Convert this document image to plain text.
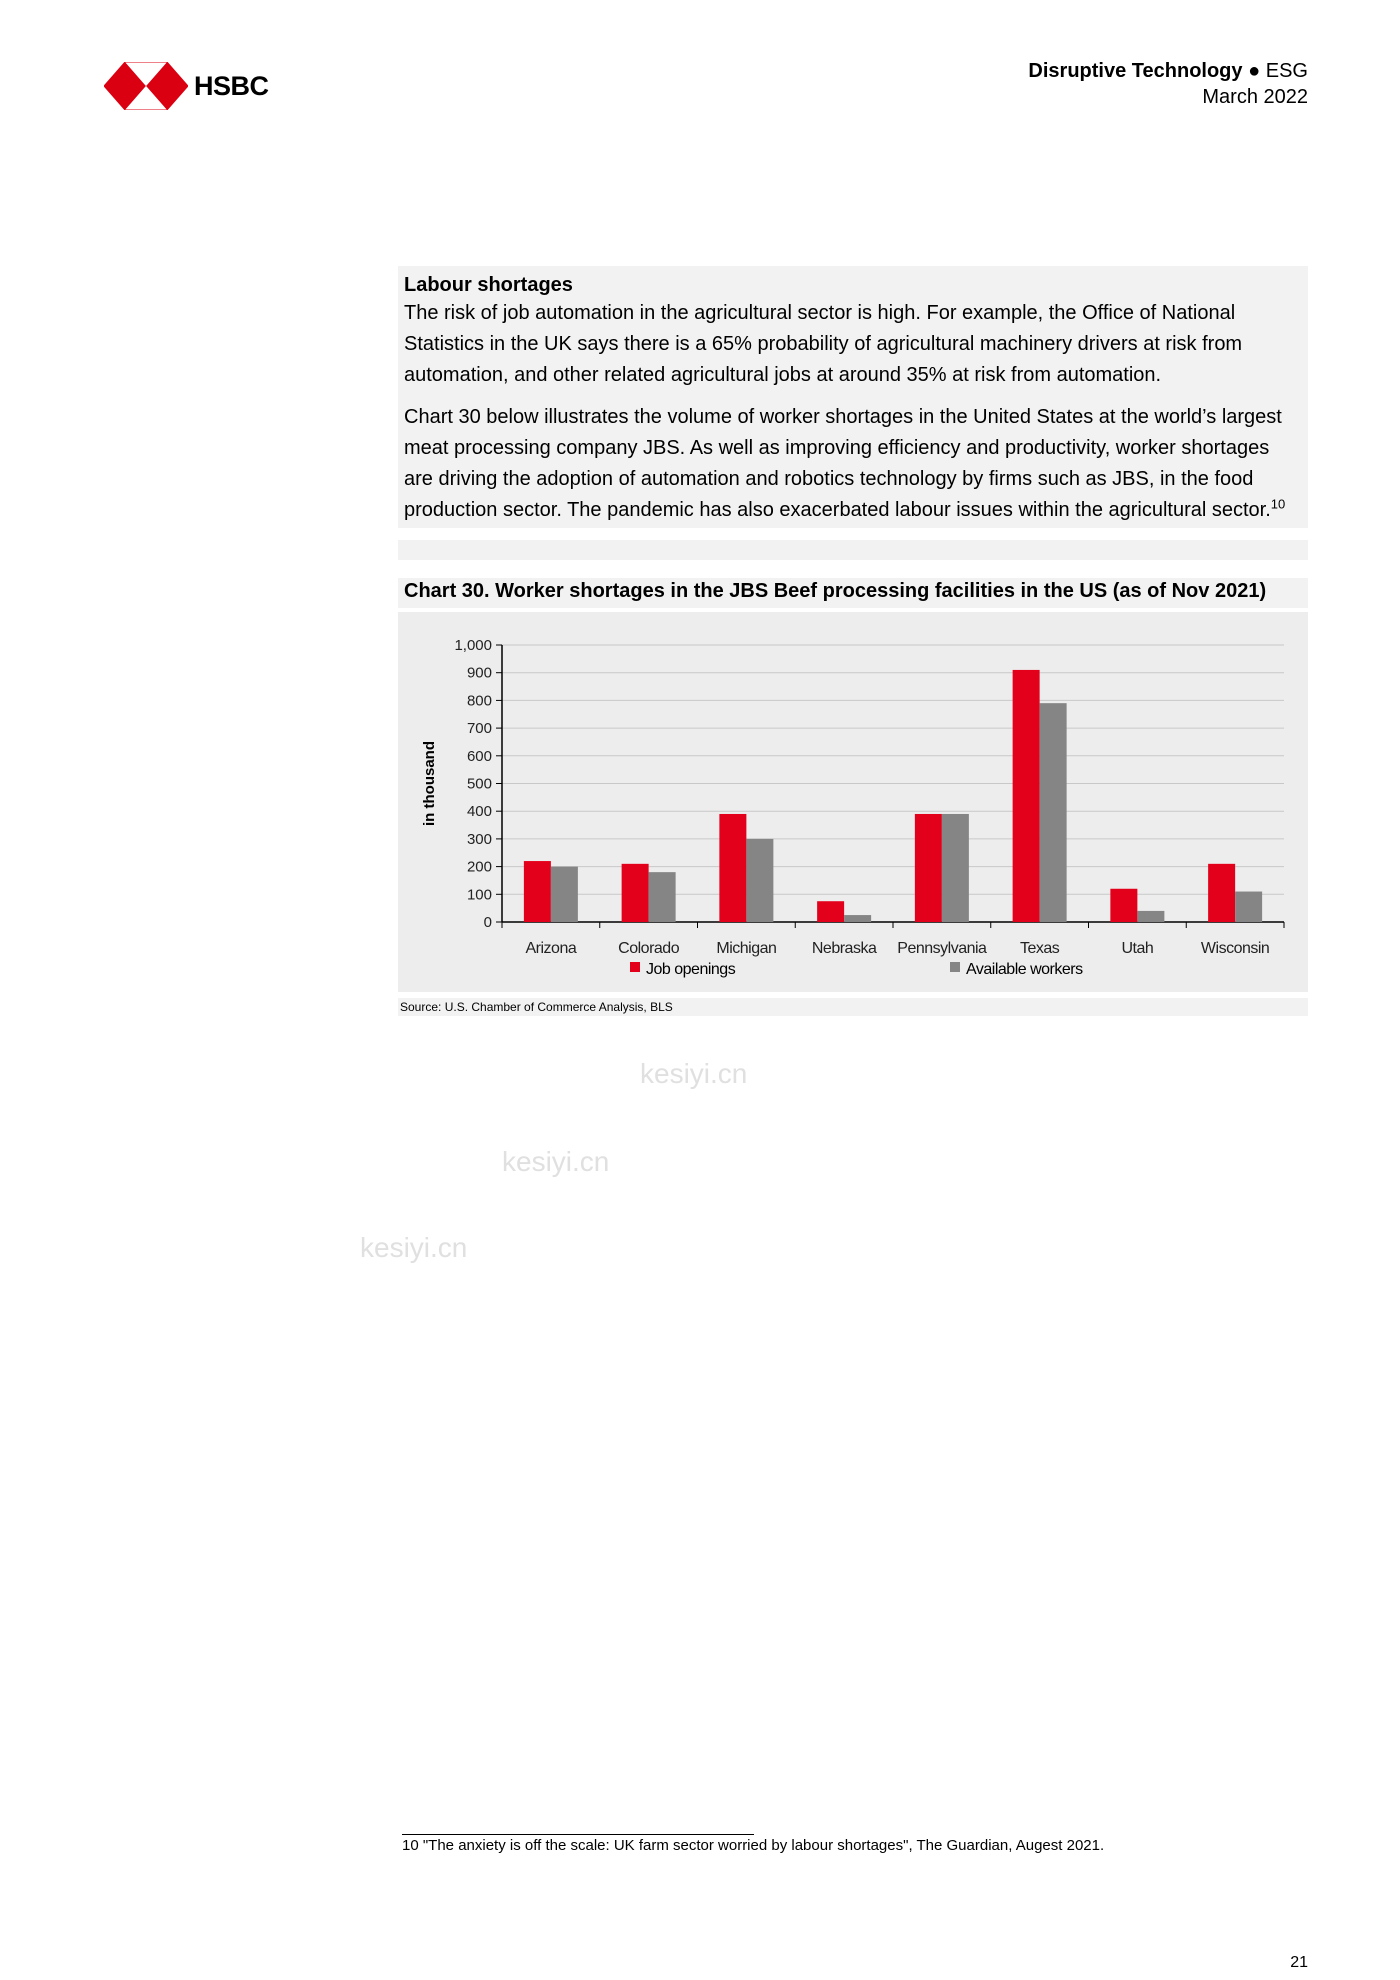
HSBC	Disruptive Technology ● ESG
March 2022
Labour shortages

The risk of job automation in the agricultural sector is high. For example, the Office of National Statistics in the UK says there is a 65% probability of agricultural machinery drivers at risk from automation, and other related agricultural jobs at around 35% at risk from automation.

Chart 30 below illustrates the volume of worker shortages in the United States at the world’s largest meat processing company JBS. As well as improving efficiency and productivity, worker shortages are driving the adoption of automation and robotics technology by firms such as JBS, in the food production sector. The pandemic has also exacerbated labour issues within the agricultural sector.$^{10}$

Chart 30. Worker shortages in the JBS Beef processing facilities in the US (as of Nov 2021)
0
100
200
300
400
500
600
700
800
900
1,000
in thousand
Arizona	Colorado Michigan Nebraska Pennsylvania Texas	Utah	Wisconsin
Job openings	Available workers
Source: U.S. Chamber of Commerce Analysis, BLS
kesiyi.cn
kesiyi.cn
kesiyi.cn
10 "The anxiety is off the scale: UK farm sector worried by labour shortages", The Guardian, Augest 2021.
21
